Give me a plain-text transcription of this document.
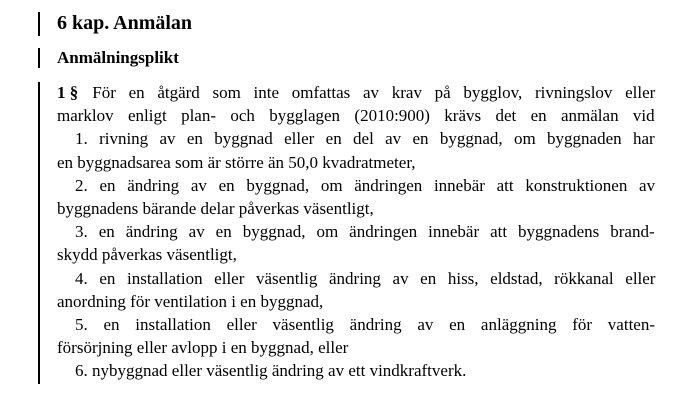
6 kap. Anmälan
Anmälningsplikt
1 § För en åtgärd som inte omfattas av krav på bygglov, rivningslov eller
marklov enligt plan- och bygglagen (2010:900) krävs det en anmälan vid
1. rivning av en byggnad eller en del av en byggnad, om byggnaden har
en byggnadsarea som är större än 50,0 kvadratmeter,
2. en ändring av en byggnad, om ändringen innebär att konstruktionen av
byggnadens bärande delar påverkas väsentligt,
3. en ändring av en byggnad, om ändringen innebär att byggnadens brand-
skydd påverkas väsentligt,
4. en installation eller väsentlig ändring av en hiss, eldstad, rökkanal eller
anordning för ventilation i en byggnad,
5. en installation eller väsentlig ändring av en anläggning för vatten-
försörjning eller avlopp i en byggnad, eller
6. nybyggnad eller väsentlig ändring av ett vindkraftverk.
